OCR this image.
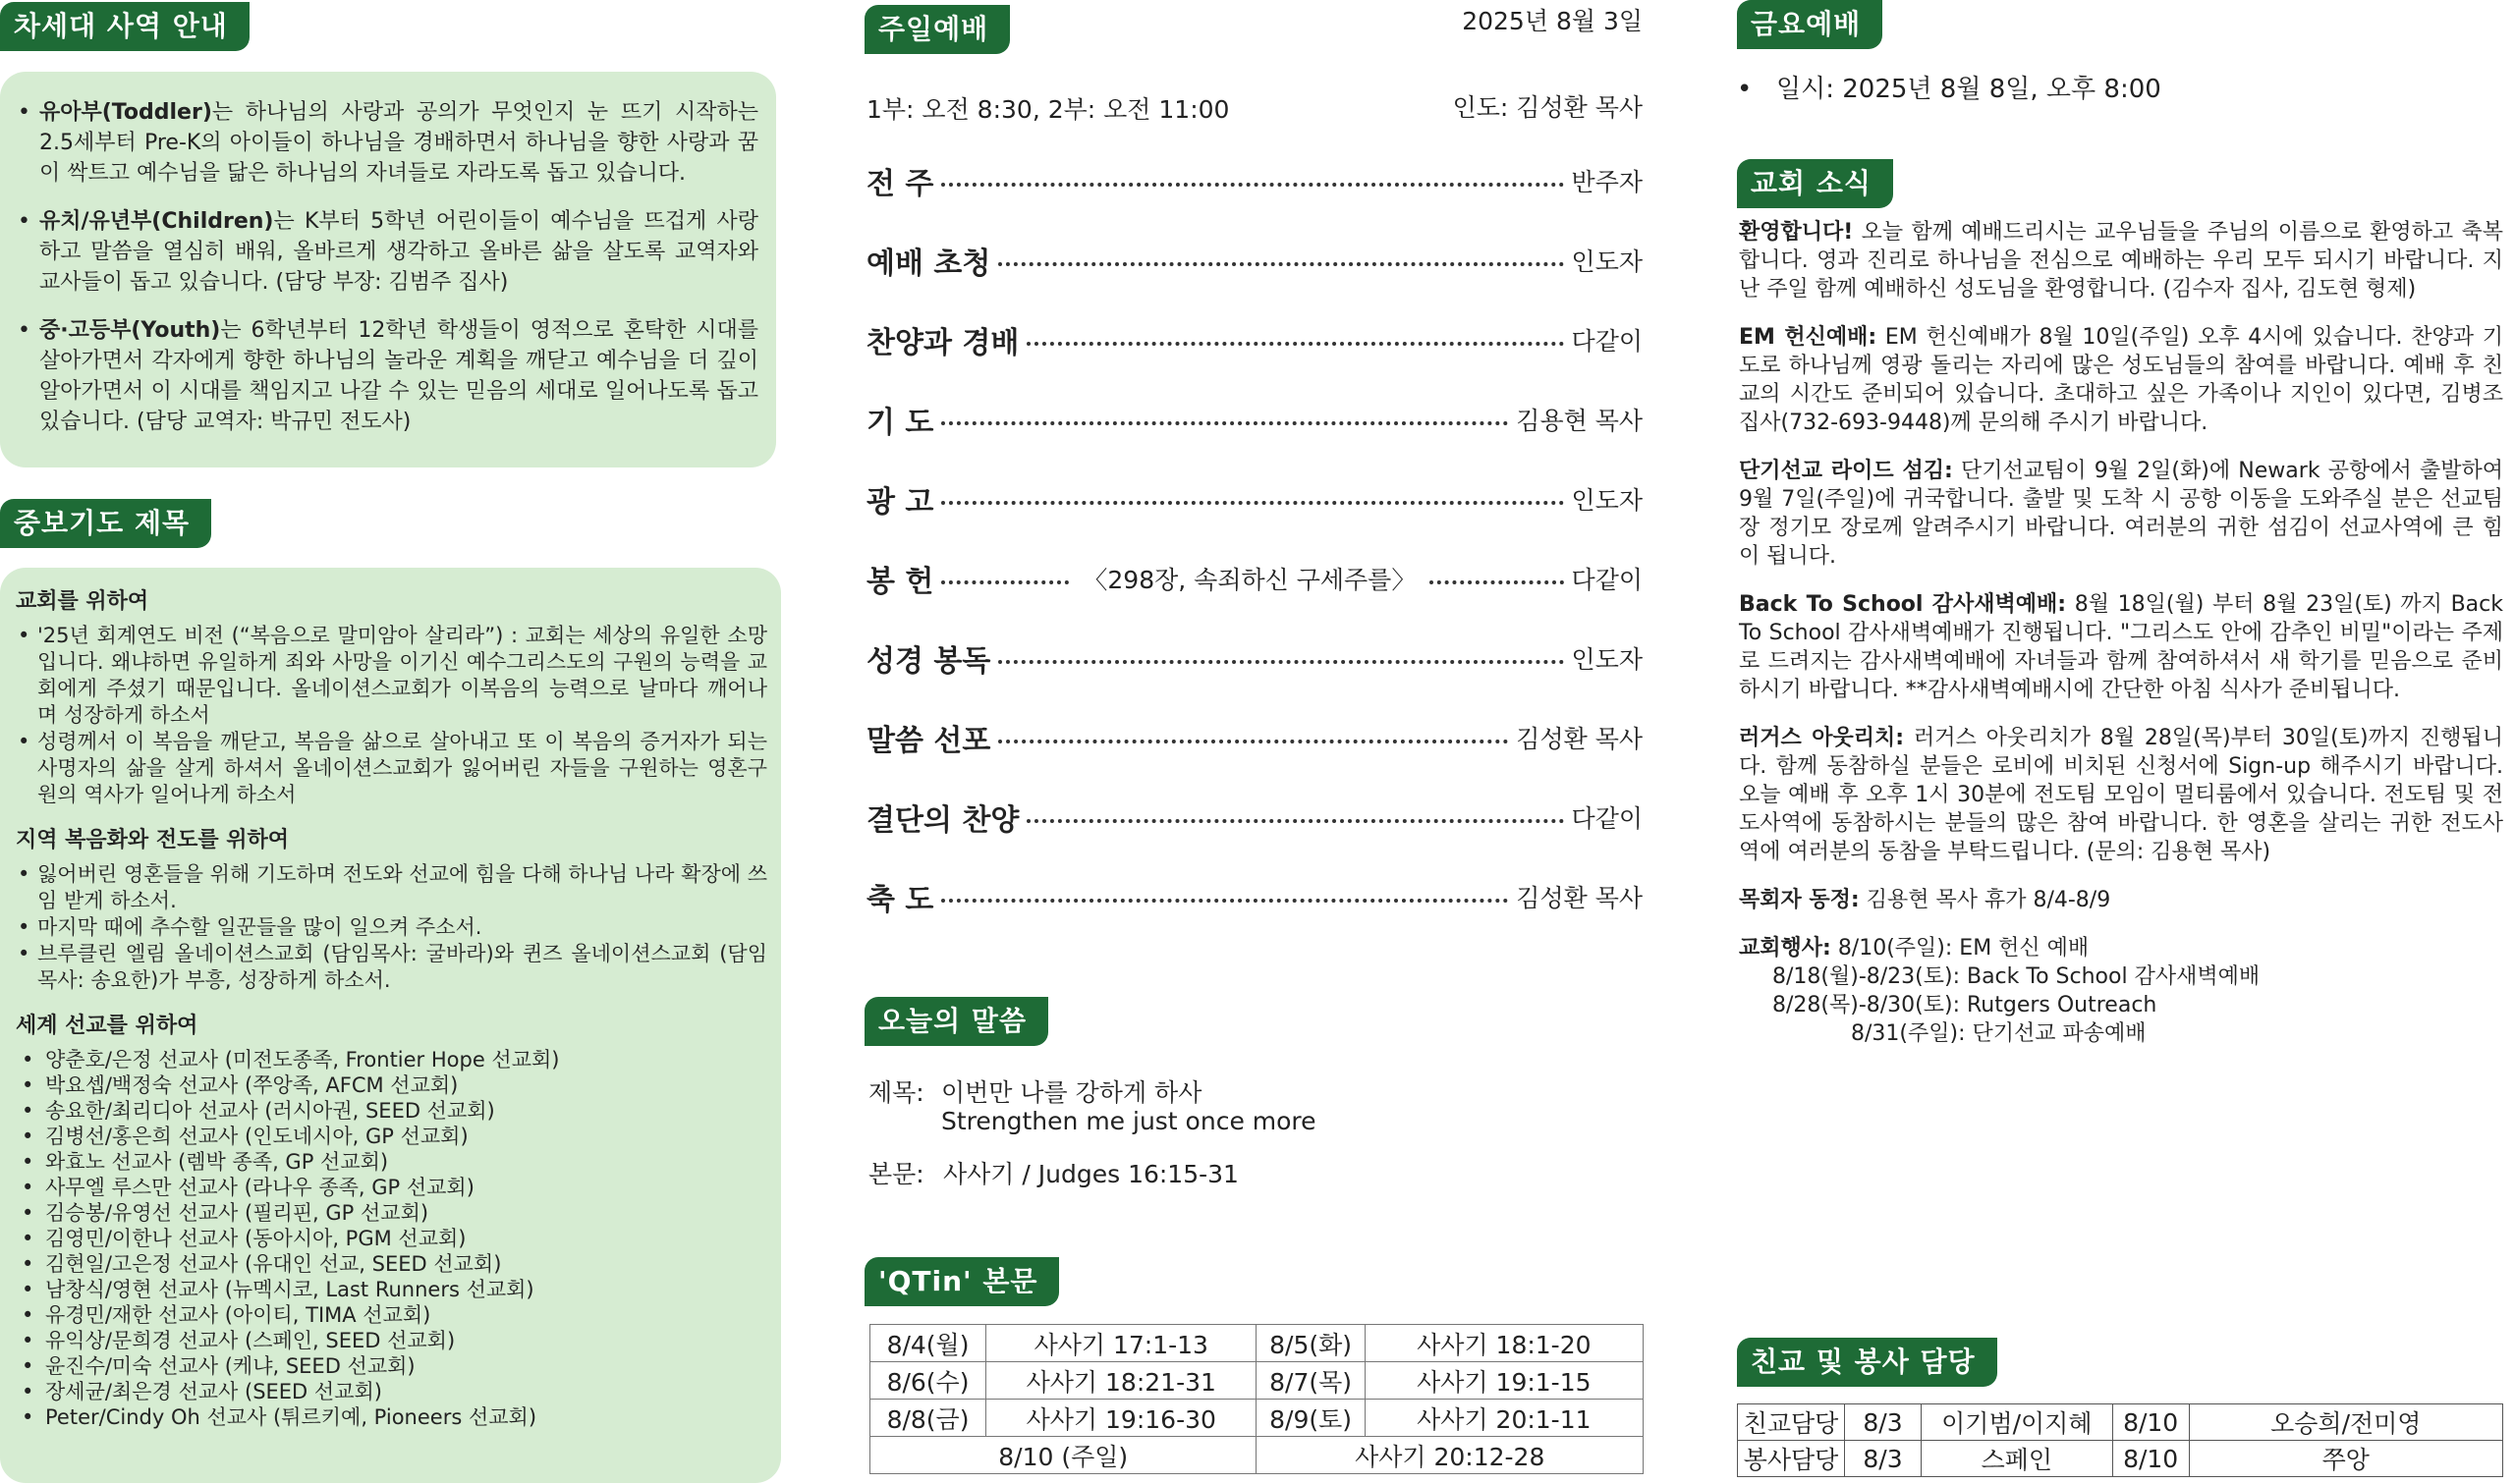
차세대 사역 안내
• 유아부(Toddler)는 하나님의 사랑과 공의가 무엇인지 눈 뜨기 시작하는 2.5세부터 Pre-K의 아이들이 하나님을 경배하면서 하나님을 향한 사랑과 꿈이 싹트고 예수님을 닮은 하나님의 자녀들로 자라도록 돕고 있습니다.
• 유치/유년부(Children)는 K부터 5학년 어린이들이 예수님을 뜨겁게 사랑하고 말씀을 열심히 배워, 올바르게 생각하고 올바른 삶을 살도록 교역자와 교사들이 돕고 있습니다. (담당 부장: 김범주 집사)
• 중·고등부(Youth)는 6학년부터 12학년 학생들이 영적으로 혼탁한 시대를 살아가면서 각자에게 향한 하나님의 놀라운 계획을 깨닫고 예수님을 더 깊이 알아가면서 이 시대를 책임지고 나갈 수 있는 믿음의 세대로 일어나도록 돕고 있습니다. (담당 교역자: 박규민 전도사)
중보기도 제목
교회를 위하여
• '25년 회계연도 비전 (“복음으로 말미암아 살리라”) : 교회는 세상의 유일한 소망입니다. 왜냐하면 유일하게 죄와 사망을 이기신 예수그리스도의 구원의 능력을 교회에게 주셨기 때문입니다. 올네이션스교회가 이복음의 능력으로 날마다 깨어나며 성장하게 하소서
• 성령께서 이 복음을 깨닫고, 복음을 삶으로 살아내고 또 이 복음의 증거자가 되는 사명자의 삶을 살게 하셔서 올네이션스교회가 잃어버린 자들을 구원하는 영혼구원의 역사가 일어나게 하소서
지역 복음화와 전도를 위하여
• 잃어버린 영혼들을 위해 기도하며 전도와 선교에 힘을 다해 하나님 나라 확장에 쓰임 받게 하소서.
• 마지막 때에 추수할 일꾼들을 많이 일으켜 주소서.
• 브루클린 엘림 올네이션스교회 (담임목사: 굴바라)와 퀸즈 올네이션스교회 (담임목사: 송요한)가 부흥, 성장하게 하소서.
세계 선교를 위하여
• 양춘호/은정 선교사 (미전도종족, Frontier Hope 선교회)
• 박요셉/백정숙 선교사 (쭈앙족, AFCM 선교회)
• 송요한/최리디아 선교사 (러시아권, SEED 선교회)
• 김병선/홍은희 선교사 (인도네시아, GP 선교회)
• 와효노 선교사 (렘박 종족, GP 선교회)
• 사무엘 루스만 선교사 (라나우 종족, GP 선교회)
• 김승봉/유영선 선교사 (필리핀, GP 선교회)
• 김영민/이한나 선교사 (동아시아, PGM 선교회)
• 김현일/고은정 선교사 (유대인 선교, SEED 선교회)
• 남창식/영현 선교사 (뉴멕시코, Last Runners 선교회)
• 유경민/재한 선교사 (아이티, TIMA 선교회)
• 유익상/문희경 선교사 (스페인, SEED 선교회)
• 윤진수/미숙 선교사 (케냐, SEED 선교회)
• 장세균/최은경 선교사 (SEED 선교회)
• Peter/Cindy Oh 선교사 (튀르키예, Pioneers 선교회)
주일예배	2025년 8월 3일
1부: 오전 8:30, 2부: 오전 11:00	인도: 김성환 목사
전 주	반주자
예배 초청	인도자
찬양과 경배	다같이
기 도	김용현 목사
광 고	인도자
봉 헌	〈298장, 속죄하신 구세주를〉	다같이
성경 봉독	인도자
말씀 선포	김성환 목사
결단의 찬양	다같이
축 도	김성환 목사
오늘의 말씀
제목: 이번만 나를 강하게 하사
Strengthen me just once more
본문: 사사기 / Judges 16:15-31
'QTin' 본문
8/4(월)	사사기 17:1-13	8/5(화)	사사기 18:1-20
8/6(수)	사사기 18:21-31	8/7(목)	사사기 19:1-15
8/8(금)	사사기 19:16-30	8/9(토)	사사기 20:1-11
8/10 (주일)		사사기 20:12-28	
금요예배
• 일시: 2025년 8월 8일, 오후 8:00
교회 소식
환영합니다! 오늘 함께 예배드리시는 교우님들을 주님의 이름으로 환영하고 축복합니다. 영과 진리로 하나님을 전심으로 예배하는 우리 모두 되시기 바랍니다. 지난 주일 함께 예배하신 성도님을 환영합니다. (김수자 집사, 김도현 형제)
EM 헌신예배: EM 헌신예배가 8월 10일(주일) 오후 4시에 있습니다. 찬양과 기도로 하나님께 영광 돌리는 자리에 많은 성도님들의 참여를 바랍니다. 예배 후 친교의 시간도 준비되어 있습니다. 초대하고 싶은 가족이나 지인이 있다면, 김병조 집사(732-693-9448)께 문의해 주시기 바랍니다.
단기선교 라이드 섬김: 단기선교팀이 9월 2일(화)에 Newark 공항에서 출발하여 9월 7일(주일)에 귀국합니다. 출발 및 도착 시 공항 이동을 도와주실 분은 선교팀장 정기모 장로께 알려주시기 바랍니다. 여러분의 귀한 섬김이 선교사역에 큰 힘이 됩니다.
Back To School 감사새벽예배: 8월 18일(월) 부터 8월 23일(토) 까지 Back To School 감사새벽예배가 진행됩니다. "그리스도 안에 감추인 비밀"이라는 주제로 드려지는 감사새벽예배에 자녀들과 함께 참여하셔서 새 학기를 믿음으로 준비하시기 바랍니다. **감사새벽예배시에 간단한 아침 식사가 준비됩니다.
러거스 아웃리치: 러거스 아웃리치가 8월 28일(목)부터 30일(토)까지 진행됩니다. 함께 동참하실 분들은 로비에 비치된 신청서에 Sign-up 해주시기 바랍니다. 오늘 예배 후 오후 1시 30분에 전도팀 모임이 멀티룸에서 있습니다. 전도팀 및 전도사역에 동참하시는 분들의 많은 참여 바랍니다. 한 영혼을 살리는 귀한 전도사역에 여러분의 동참을 부탁드립니다. (문의: 김용현 목사)
목회자 동정: 김용현 목사 휴가 8/4-8/9
교회행사: 8/10(주일): EM 헌신 예배
8/18(월)-8/23(토): Back To School 감사새벽예배
8/28(목)-8/30(토): Rutgers Outreach
8/31(주일): 단기선교 파송예배
친교 및 봉사 담당
친교담당	8/3	이기범/이지혜	8/10	오승희/전미영
봉사담당	8/3	스페인	8/10	쭈앙
